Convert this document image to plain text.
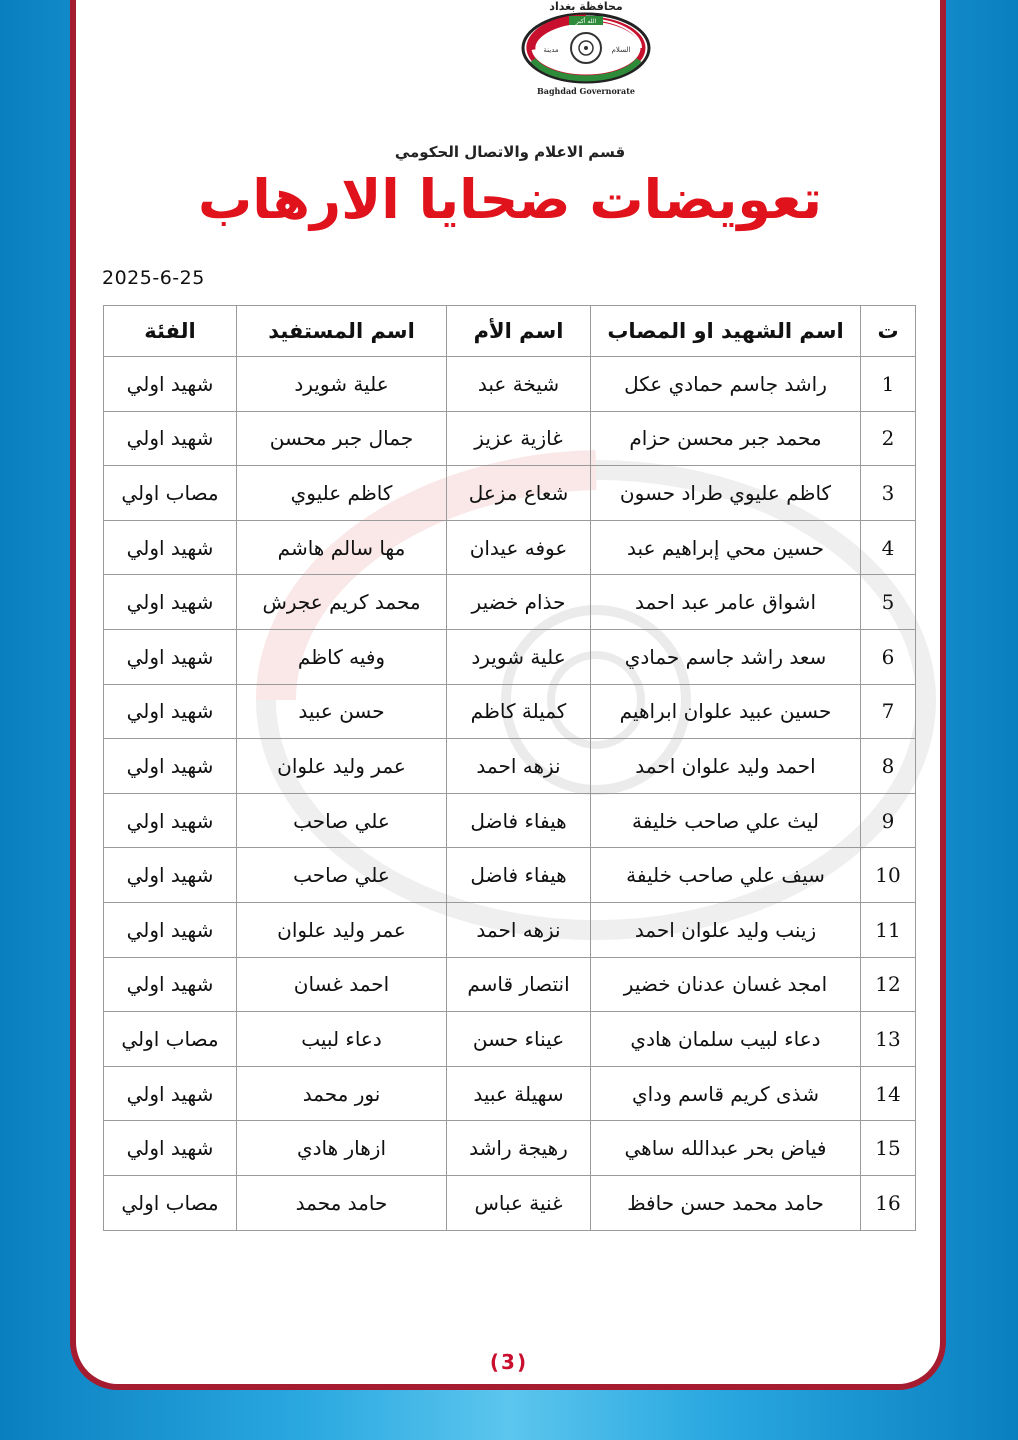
محافظة بغداد
الله أكبر
مدينة	السلام
Baghdad Governorate
قسم الاعلام والاتصال الحكومي
تعويضات ضحايا الارهاب
2025-6-25
ت	اسم الشهيد او المصاب	اسم الأم	اسم المستفيد	الفئة
1	راشد جاسم حمادي عكل	شيخة عبد	علية شويرد	شهيد اولي
2	محمد جبر محسن حزام	غازية عزيز	جمال جبر محسن	شهيد اولي
3	كاظم عليوي طراد حسون	شعاع مزعل	كاظم عليوي	مصاب اولي
4	حسين محي إبراهيم عبد	عوفه عيدان	مها سالم هاشم	شهيد اولي
5	اشواق عامر عبد احمد	حذام خضير	محمد كريم عجرش	شهيد اولي
6	سعد راشد جاسم حمادي	علية شويرد	وفيه كاظم	شهيد اولي
7	حسين عبيد علوان ابراهيم	كميلة كاظم	حسن عبيد	شهيد اولي
8	احمد وليد علوان احمد	نزهه احمد	عمر وليد علوان	شهيد اولي
9	ليث علي صاحب خليفة	هيفاء فاضل	علي صاحب	شهيد اولي
10	سيف علي صاحب خليفة	هيفاء فاضل	علي صاحب	شهيد اولي
11	زينب وليد علوان احمد	نزهه احمد	عمر وليد علوان	شهيد اولي
12	امجد غسان عدنان خضير	انتصار قاسم	احمد غسان	شهيد اولي
13	دعاء لبيب سلمان هادي	عيناء حسن	دعاء لبيب	مصاب اولي
14	شذى كريم قاسم وداي	سهيلة عبيد	نور محمد	شهيد اولي
15	فياض بحر عبدالله ساهي	رهيجة راشد	ازهار هادي	شهيد اولي
16	حامد محمد حسن حافظ	غنية عباس	حامد محمد	مصاب اولي
(3)
